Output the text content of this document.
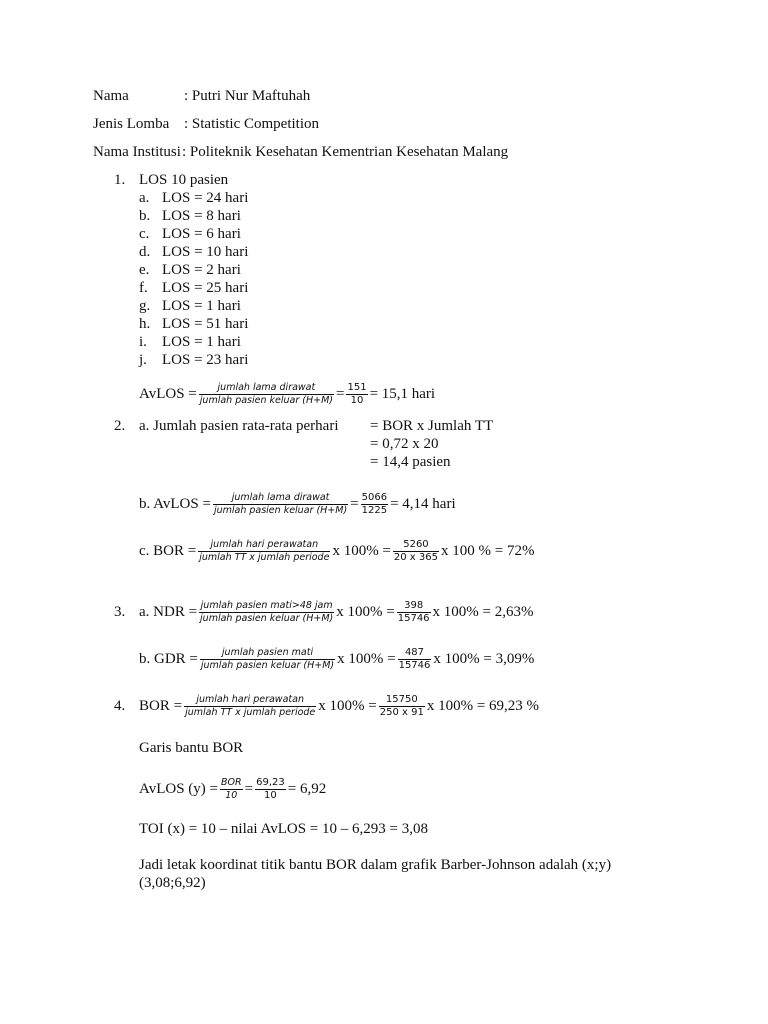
Nama	: Putri Nur Maftuhah
Jenis Lomba : Statistic Competition
Nama Institusi : Politeknik Kesehatan Kementrian Kesehatan Malang
1. LOS 10 pasien
a. LOS = 24 hari
b. LOS = 8 hari
c. LOS = 6 hari
d. LOS = 10 hari
e. LOS = 2 hari
f. LOS = 25 hari
g. LOS = 1 hari
h. LOS = 51 hari
i.	LOS = 1 hari
j.	LOS = 23 hari
AvLOS = $\frac{\text{jumlah lama dirawat}}{\text{jumlah pasien keluar (H+M)}} = \frac{151}{10} = 15,1$ hari
2. a. Jumlah pasien rata-rata perhari = BOR x Jumlah TT
= 0,72 x 20
= 14,4 pasien
b. AvLOS = $\frac{\text{jumlah lama dirawat}}{\text{jumlah pasien keluar (H+M)}} = \frac{5066}{1225} = 4,14$ hari
c. BOR = $\frac{\text{jumlah hari perawatan}}{\text{jumlah TT x jumlah periode}}$ x $100\% = \frac{5260}{20 x 365}$ x 100 % = 72%
3. a. NDR = $\frac{\text{jumlah pasien mati>48 jam}}{\text{jumlah pasien keluar (H+M)}}$ x $100\% = \frac{398}{15746}$ x 100% = 2,63%
b. GDR = $\frac{\text{jumlah pasien mati}}{\text{jumlah pasien keluar (H+M)}}$ x $100\% = \frac{487}{15746}$ x 100% = 3,09%
4. BOR = $\frac{\text{jumlah hari perawatan}}{\text{jumlah TT x jumlah periode}}$ x $100\% = \frac{15750}{250 x 91}$ x 100% = 69,23 %
Garis bantu BOR
AvLOS $(y) = \frac{\text{BOR}}{10} = \frac{69,23}{10} = 6,92$
TOI (x) = 10 – nilai AvLOS = 10 – 6,293 = 3,08
Jadi letak koordinat titik bantu BOR dalam grafik Barber-Johnson adalah (x;y)
(3,08;6,92)
